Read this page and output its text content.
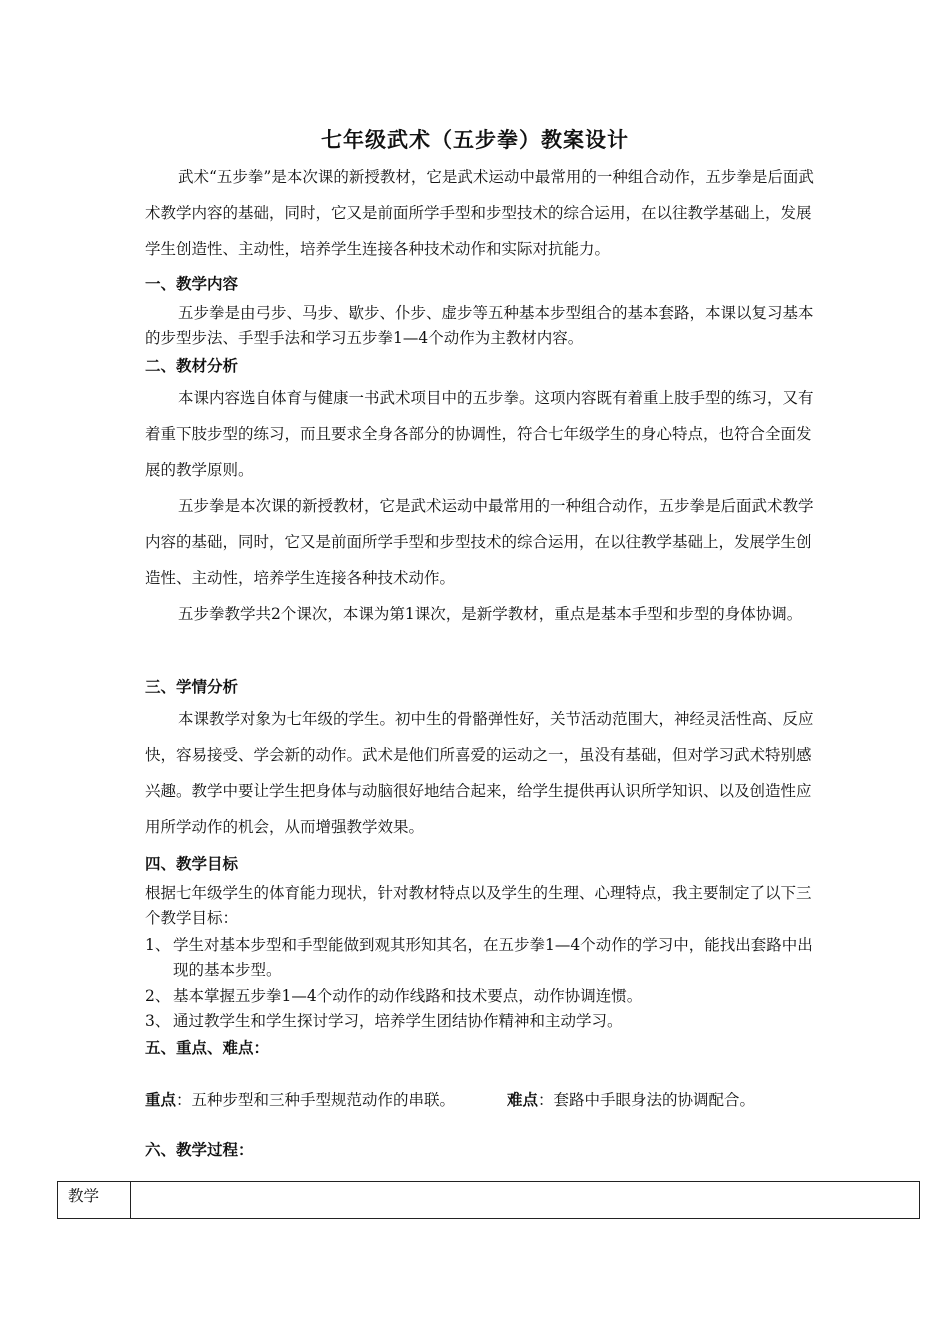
七年级武术（五步拳）教案设计

武术“五步拳”是本次课的新授教材，它是武术运动中最常用的一种组合动作，五步拳是后面武术教学内容的基础，同时，它又是前面所学手型和步型技术的综合运用，在以往教学基础上，发展学生创造性、主动性，培养学生连接各种技术动作和实际对抗能力。

一、教学内容

五步拳是由弓步、马步、歇步、仆步、虚步等五种基本步型组合的基本套路，本课以复习基本的步型步法、手型手法和学习五步拳1—4个动作为主教材内容。

二、教材分析

本课内容选自体育与健康一书武术项目中的五步拳。这项内容既有着重上肢手型的练习，又有着重下肢步型的练习，而且要求全身各部分的协调性，符合七年级学生的身心特点，也符合全面发展的教学原则。

五步拳是本次课的新授教材，它是武术运动中最常用的一种组合动作，五步拳是后面武术教学内容的基础，同时，它又是前面所学手型和步型技术的综合运用，在以往教学基础上，发展学生创造性、主动性，培养学生连接各种技术动作。

五步拳教学共2个课次，本课为第1课次，是新学教材，重点是基本手型和步型的身体协调。

三、学情分析

本课教学对象为七年级的学生。初中生的骨骼弹性好，关节活动范围大，神经灵活性高、反应快，容易接受、学会新的动作。武术是他们所喜爱的运动之一，虽没有基础，但对学习武术特别感兴趣。教学中要让学生把身体与动脑很好地结合起来，给学生提供再认识所学知识、以及创造性应用所学动作的机会，从而增强教学效果。

四、教学目标

根据七年级学生的体育能力现状，针对教材特点以及学生的生理、心理特点，我主要制定了以下三个教学目标：

1、 学生对基本步型和手型能做到观其形知其名，在五步拳1—4个动作的学习中，能找出套路中出现的基本步型。
2、 基本掌握五步拳1—4个动作的动作线路和技术要点，动作协调连惯。
3、 通过教学生和学生探讨学习，培养学生团结协作精神和主动学习。

五、重点、难点：

重点：五种步型和三种手型规范动作的串联。	难点：套路中手眼身法的协调配合。

六、教学过程：

教学	
